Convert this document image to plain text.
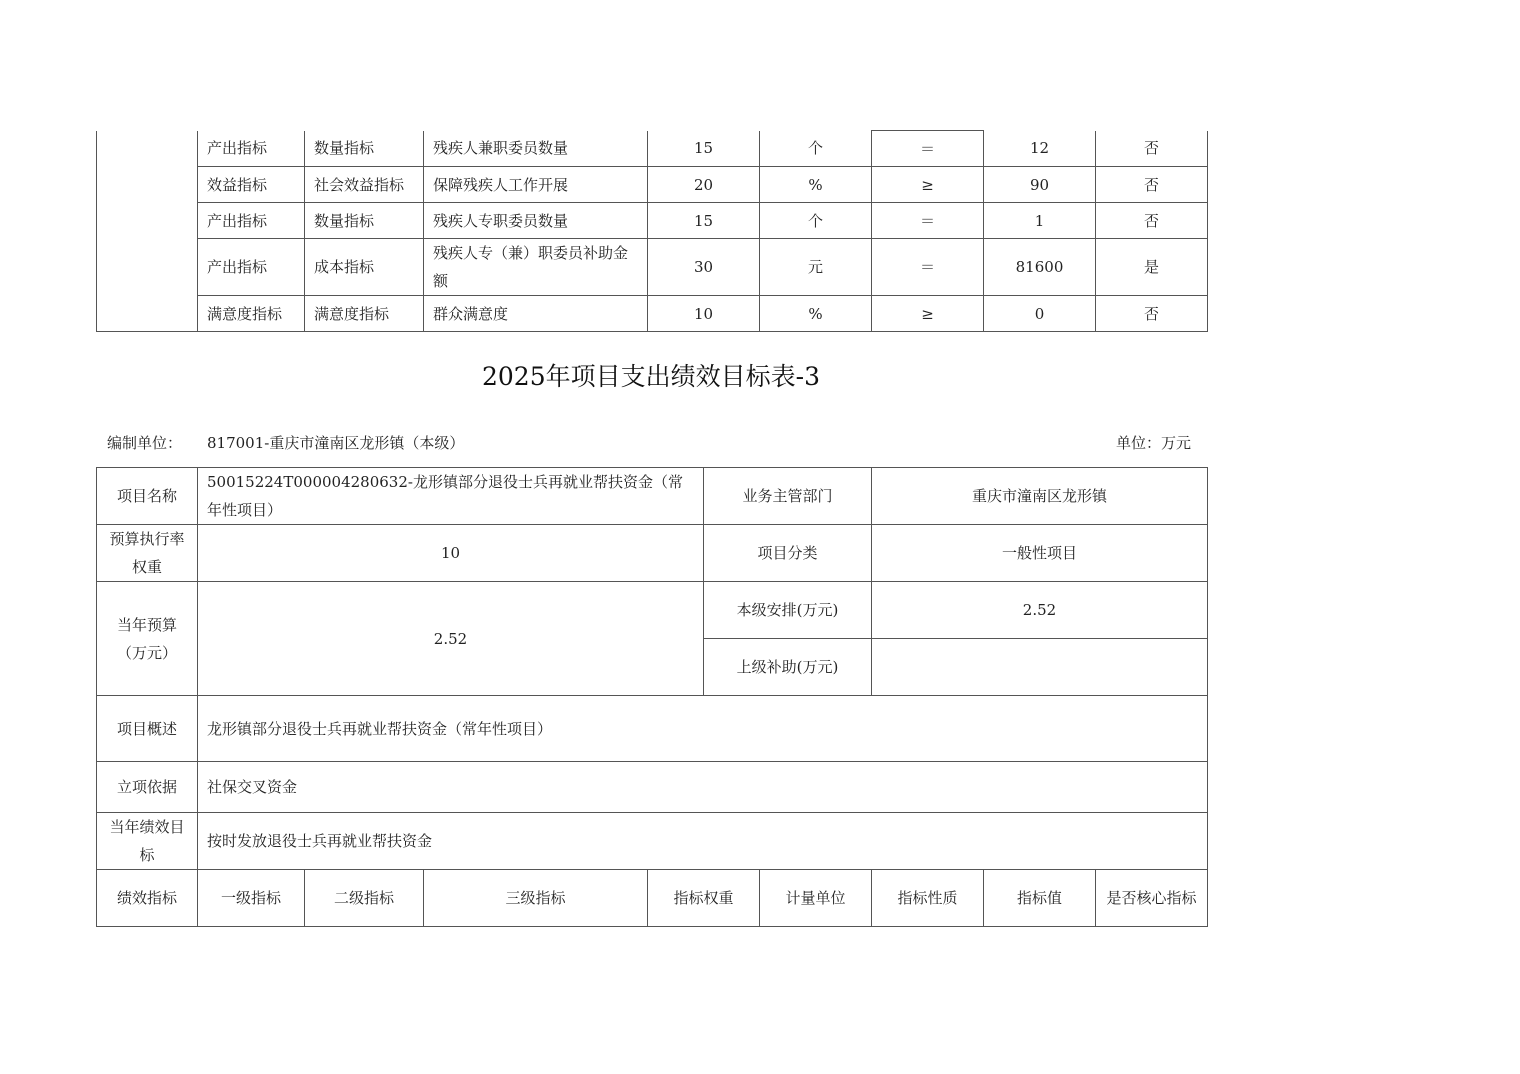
	产出指标	数量指标	残疾人兼职委员数量	15	个	＝	12	否
	效益指标	社会效益指标	保障残疾人工作开展	20	%	≥	90	否
	产出指标	数量指标	残疾人专职委员数量	15	个	＝	1	否
	产出指标	成本指标	残疾人专（兼）职委员补助金额	30	元	＝	81600	是
	满意度指标	满意度指标	群众满意度	10	%	≥	0	否
2025年项目支出绩效目标表-3
编制单位： 817001-重庆市潼南区龙形镇（本级）	单位：万元
项目名称	50015224T000004280632-龙形镇部分退役士兵再就业帮扶资金（常年性项目）				业务主管部门		重庆市潼南区龙形镇		
预算执行率权重	10				项目分类		一般性项目		
当年预算（万元）	2.52				本级安排(万元)		2.52		
					上级补助(万元)				
项目概述	龙形镇部分退役士兵再就业帮扶资金（常年性项目）								
立项依据	社保交叉资金								
当年绩效目标	按时发放退役士兵再就业帮扶资金								
绩效指标	一级指标	二级指标	三级指标	指标权重		计量单位	指标性质	指标值	是否核心指标
